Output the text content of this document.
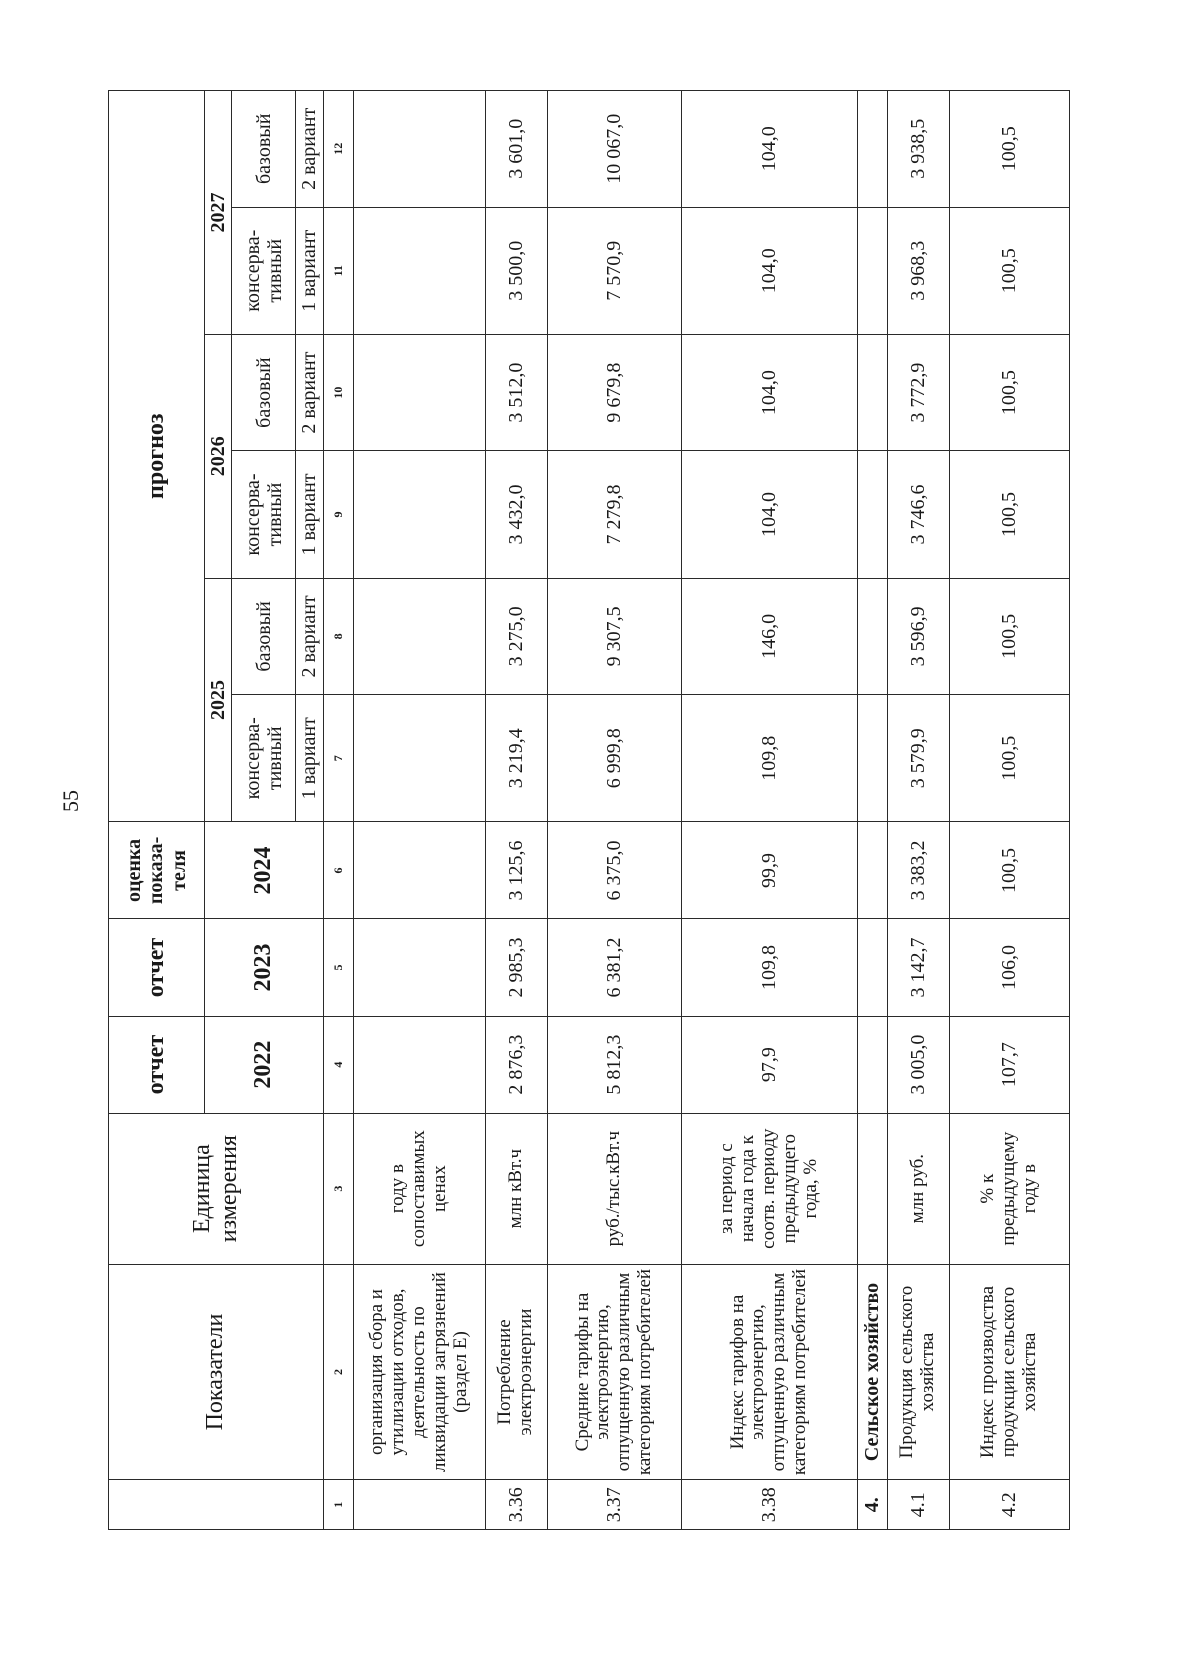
55
	Показатели	Единица измерения	отчет	отчет	оценка показа-теля	прогноз					
			2022	2023	2024	2025		2026		2027	
						консерва-тивный	базовый	консерва-тивный	базовый	консерва-тивный	базовый
						1 вариант	2 вариант	1 вариант	2 вариант	1 вариант	2 вариант
1	2	3	4	5	6	7	8	9	10	11	12
	организация сбора и утилизации отходов, деятельность по ликвидации загрязнений (раздел Е)	году в сопоставимых ценах									
3.36	Потребление электроэнергии	млн кВт.ч	2 876,3	2 985,3	3 125,6	3 219,4	3 275,0	3 432,0	3 512,0	3 500,0	3 601,0
3.37	Средние тарифы на электроэнергию, отпущенную различным категориям потребителей	руб./тыс.кВт.ч	5 812,3	6 381,2	6 375,0	6 999,8	9 307,5	7 279,8	9 679,8	7 570,9	10 067,0
3.38	Индекс тарифов на электроэнергию, отпущенную различным категориям потребителей	за период с начала года к соотв. периоду предыдущего года, %	97,9	109,8	99,9	109,8	146,0	104,0	104,0	104,0	104,0
4.	Сельское хозяйство										
4.1	Продукция сельского хозяйства	млн руб.	3 005,0	3 142,7	3 383,2	3 579,9	3 596,9	3 746,6	3 772,9	3 968,3	3 938,5
4.2	Индекс производства продукции сельского хозяйства	% к предыдущему году в	107,7	106,0	100,5	100,5	100,5	100,5	100,5	100,5	100,5
